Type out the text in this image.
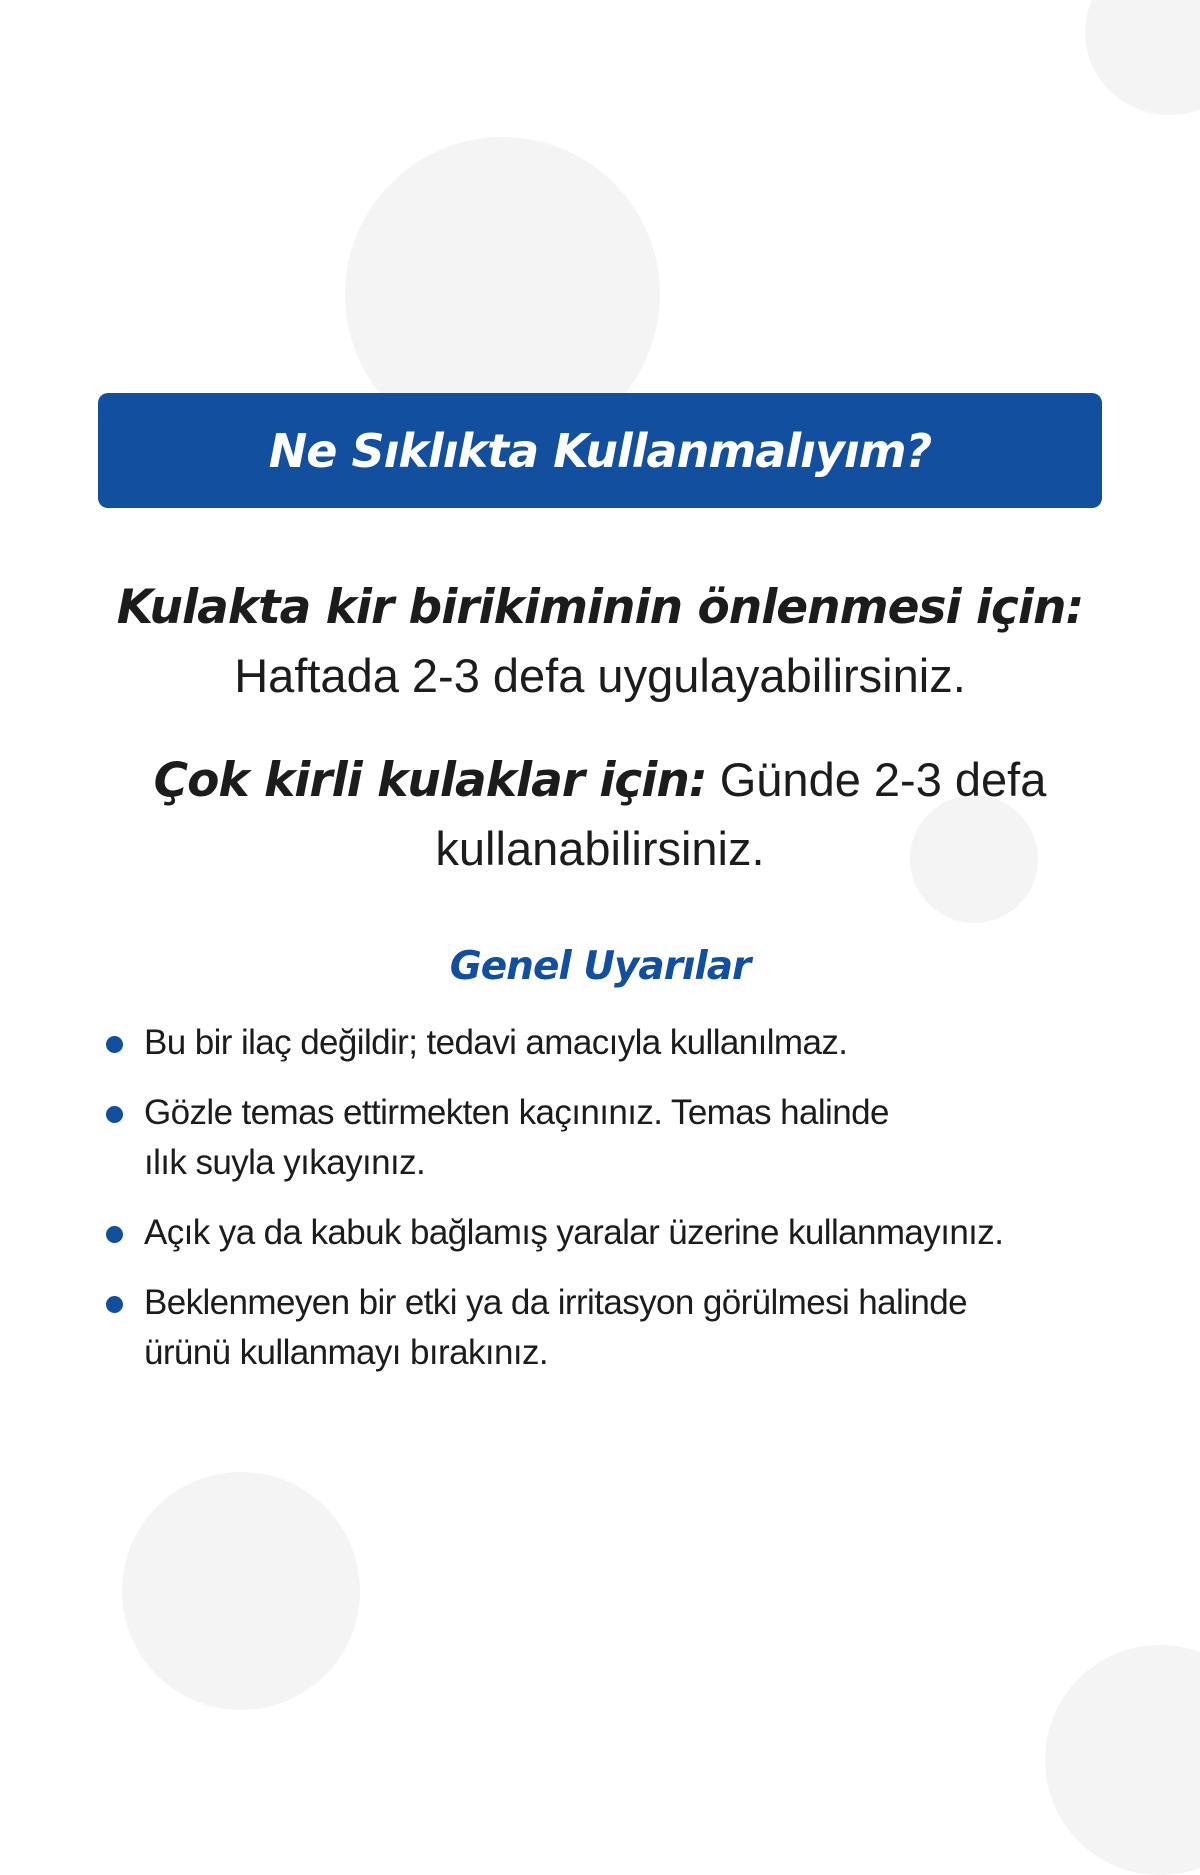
Ne Sıklıkta Kullanmalıyım?
Kulakta kir birikiminin önlenmesi için:
Haftada 2-3 defa uygulayabilirsiniz.
Çok kirli kulaklar için: Günde 2-3 defa kullanabilirsiniz.
Genel Uyarılar
Bu bir ilaç değildir; tedavi amacıyla kullanılmaz.
Gözle temas ettirmekten kaçınınız. Temas halinde
ılık suyla yıkayınız.
Açık ya da kabuk bağlamış yaralar üzerine kullanmayınız.
Beklenmeyen bir etki ya da irritasyon görülmesi halinde
ürünü kullanmayı bırakınız.
